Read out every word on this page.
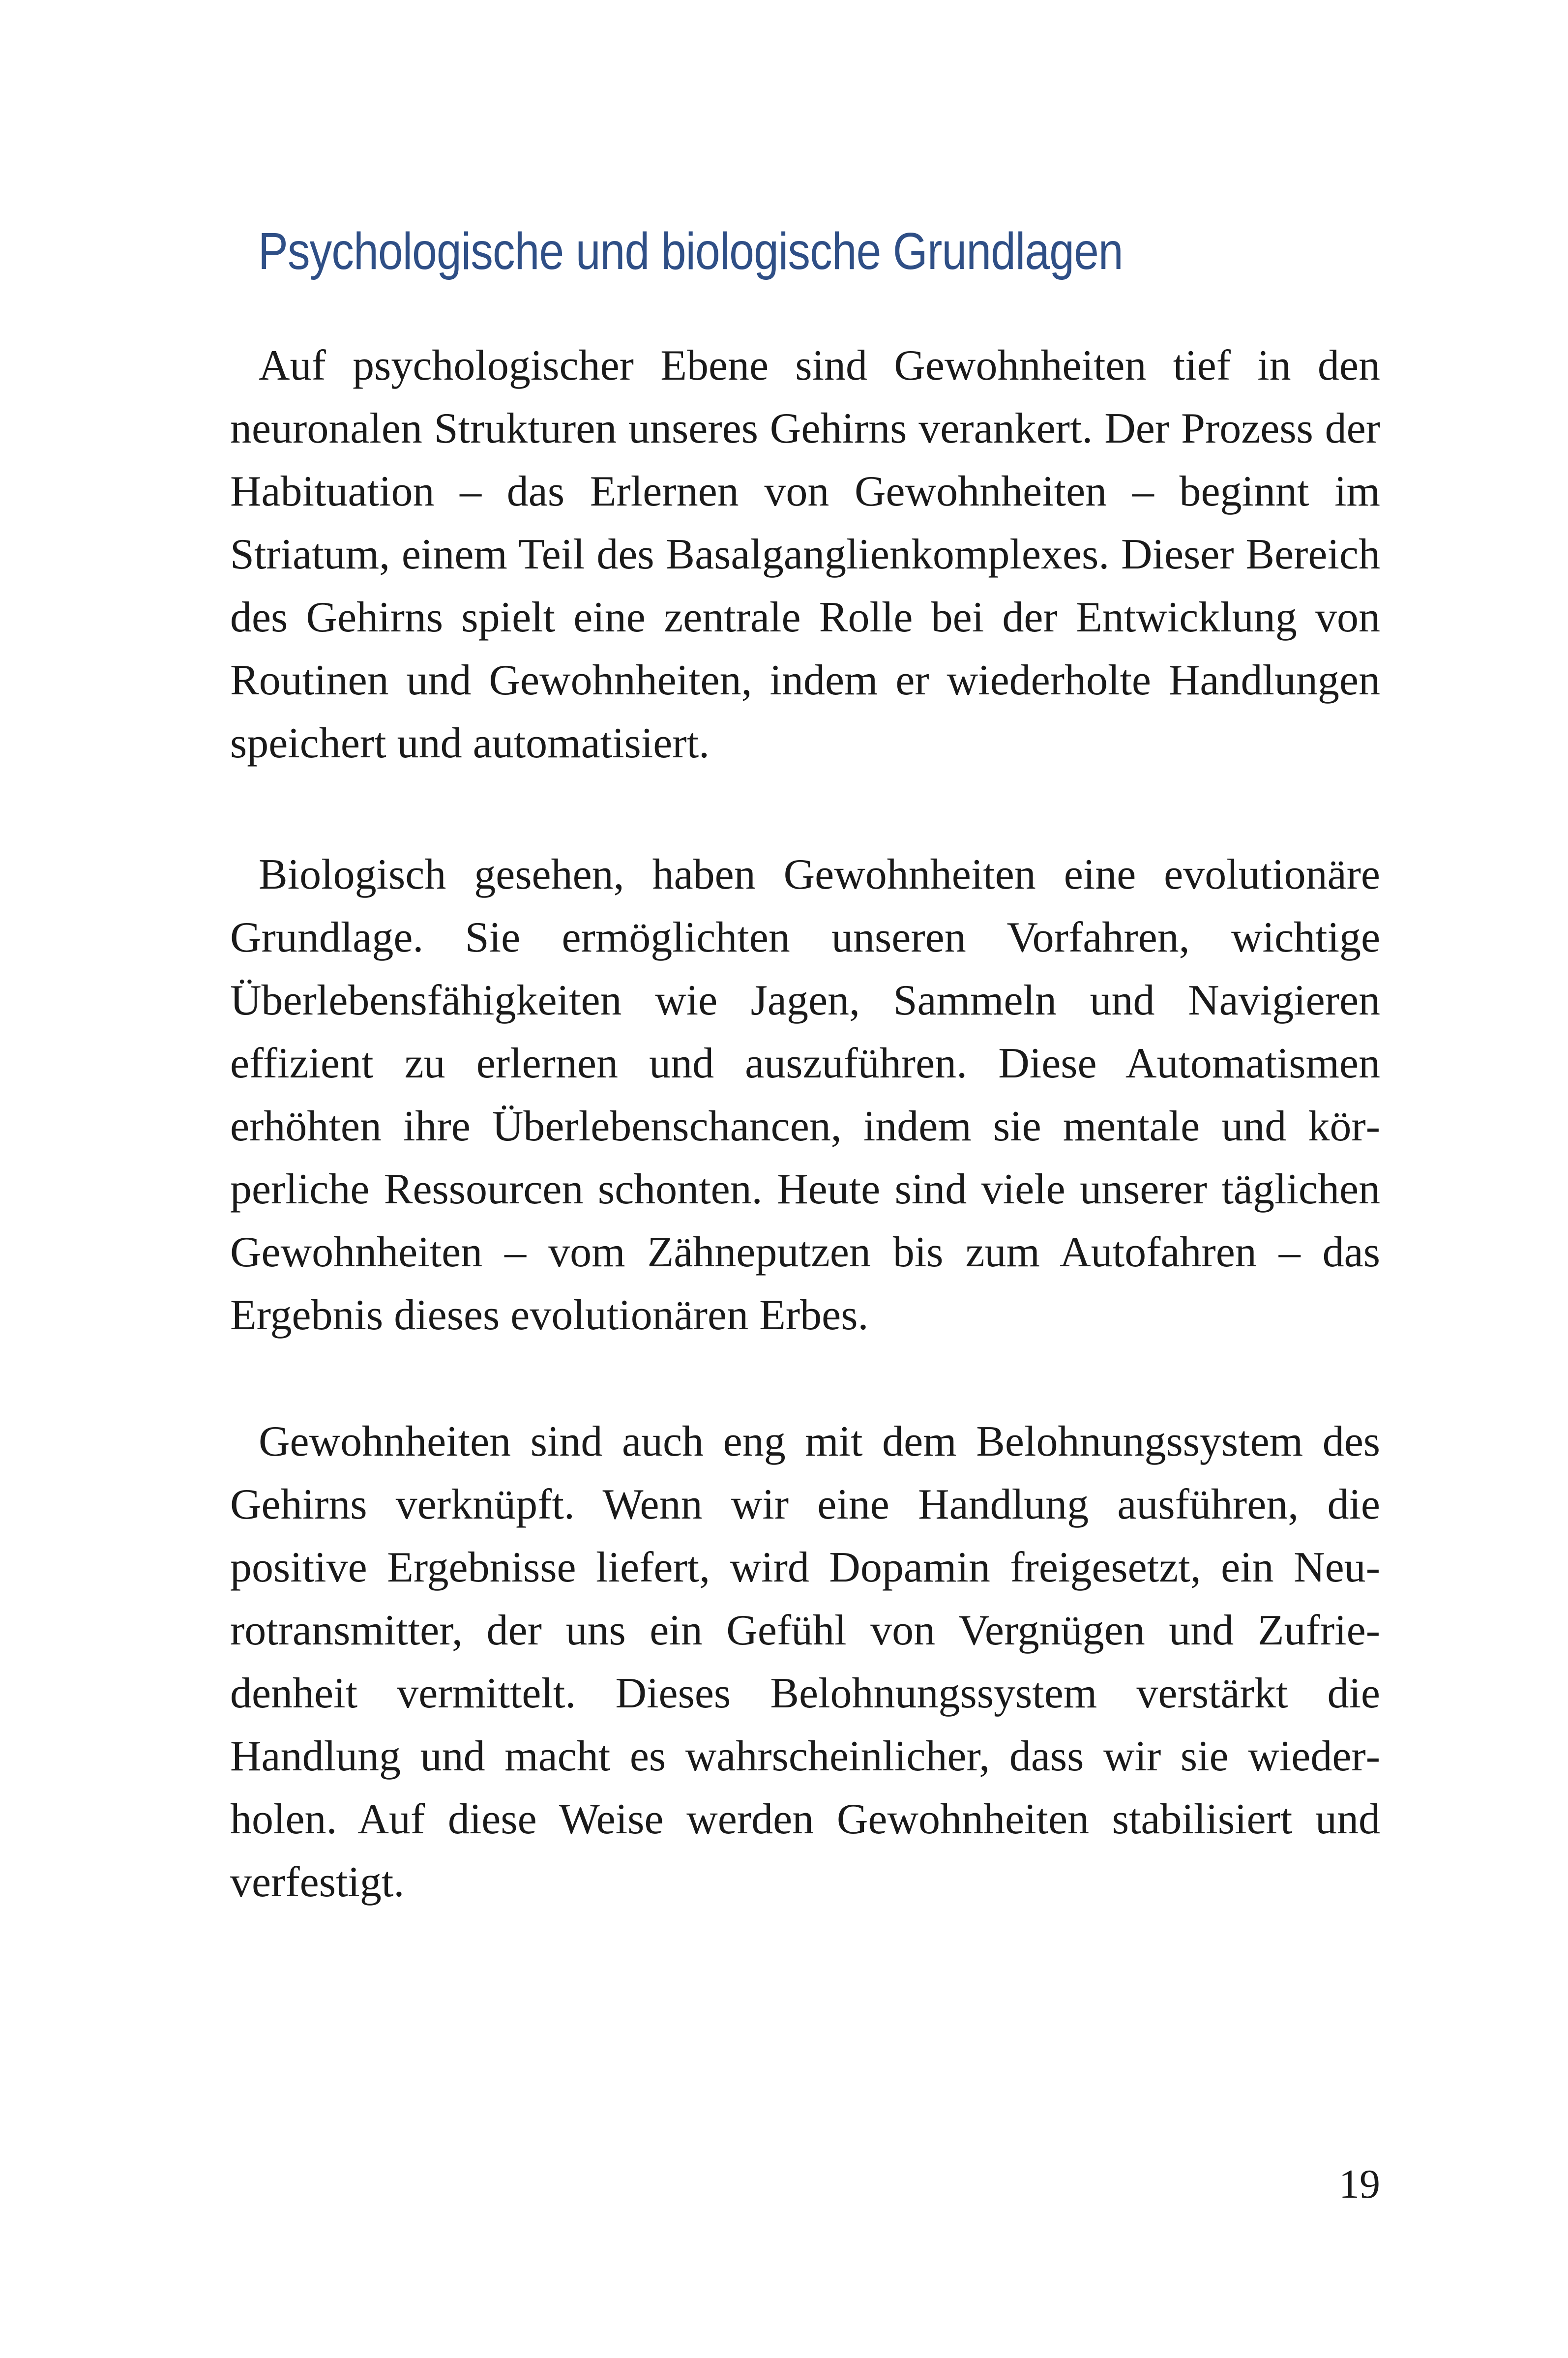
Psychologische und biologische Grundlagen

Auf psychologischer Ebene sind Gewohnheiten tief in den neuronalen Strukturen unseres Gehirns verankert. Der Prozess der Habituation – das Erlernen von Gewohnheiten – beginnt im Striatum, einem Teil des Basalganglienkomplexes. Dieser Bereich des Gehirns spielt eine zentrale Rolle bei der Entwicklung von Routinen und Gewohnheiten, indem er wiederholte Handlungen speichert und automatisiert.

Biologisch gesehen, haben Gewohnheiten eine evolutionäre Grundlage. Sie ermöglichten unseren Vorfahren, wichtige Überlebensfähigkeiten wie Jagen, Sammeln und Navigieren effizient zu erlernen und auszuführen. Diese Automatismen erhöhten ihre Überlebenschancen, indem sie mentale und körperliche Ressourcen schonten. Heute sind viele unserer täglichen Gewohnheiten – vom Zähneputzen bis zum Autofahren – das Ergebnis dieses evolutionären Erbes.

Gewohnheiten sind auch eng mit dem Belohnungssystem des Gehirns verknüpft. Wenn wir eine Handlung ausführen, die positive Ergebnisse liefert, wird Dopamin freigesetzt, ein Neurotransmitter, der uns ein Gefühl von Vergnügen und Zufriedenheit vermittelt. Dieses Belohnungssystem verstärkt die Handlung und macht es wahrscheinlicher, dass wir sie wiederholen. Auf diese Weise werden Gewohnheiten stabilisiert und verfestigt.

19
